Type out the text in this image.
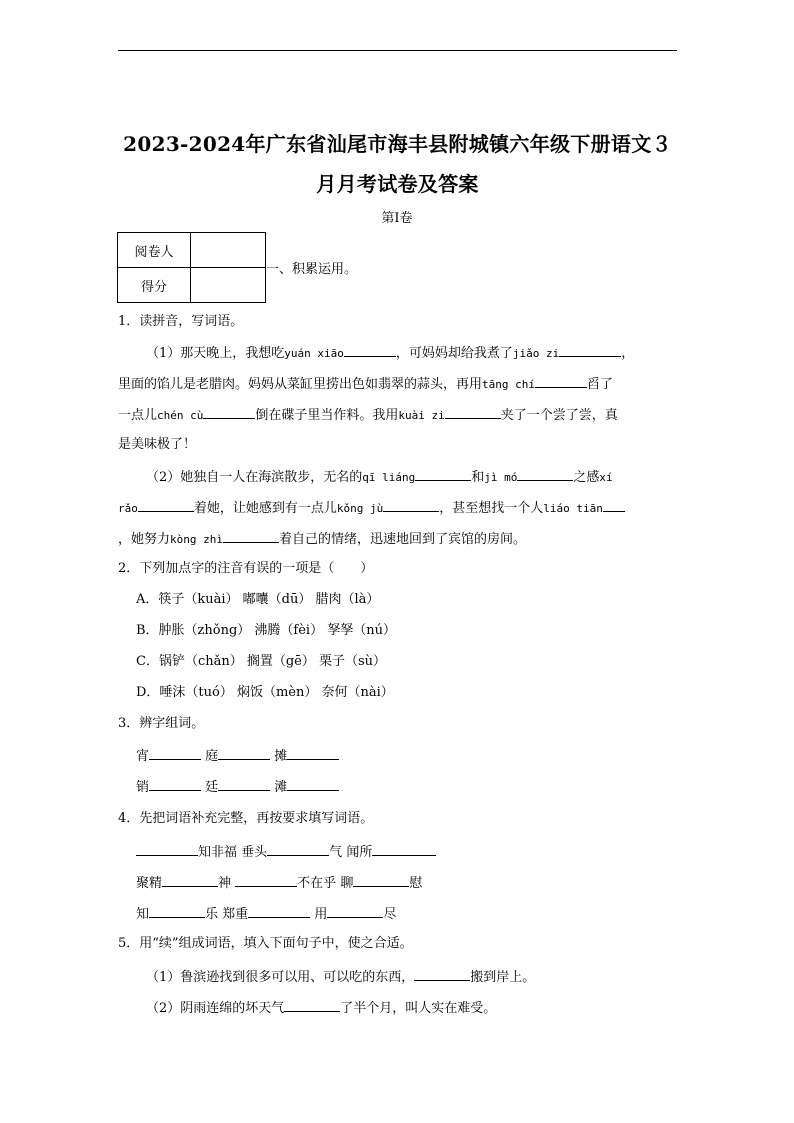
2023-2024年广东省汕尾市海丰县附城镇六年级下册语文３
月月考试卷及答案
第Ⅰ卷
阅卷人	
得分	
一、积累运用。
1．读拼音，写词语。
（1）那天晚上，我想吃yuán xiāo	，可妈妈却给我煮了jiǎo zi	，
里面的馅儿是老腊肉。妈妈从菜缸里捞出色如翡翠的蒜头，再用tāng chí	舀了
一点儿chén cù	倒在碟子里当作料。我用kuài zi	夹了一个尝了尝，真
是美味极了！
（2）她独自一人在海滨散步，无名的qī liáng	和jì mó	之感xí
rǎo	着她，让她感到有一点儿kǒng jù	，甚至想找一个人liáo tiān
，她努力kòng zhì	着自己的情绪，迅速地回到了宾馆的房间。
2．下列加点字的注音有误的一项是（　　）
A．筷子（kuài） 嘟囔（dū） 腊肉（là）
B．肿胀（zhǒng） 沸腾（fèi） 孥孥（nú）
C．锅铲（chǎn） 搁置（gē） 栗子（sù）
D．唾沫（tuó） 焖饭（mèn） 奈何（nài）
3．辨字组词。
宵	庭	摊
销	廷	滩
4．先把词语补充完整，再按要求填写词语。
知非福 垂头	气 闻所
聚精	神	不在乎 聊	慰
知	乐 郑重	用	尽
5．用“续”组成词语，填入下面句子中，使之合适。
（1）鲁滨逊找到很多可以用、可以吃的东西，	搬到岸上。
（2）阴雨连绵的坏天气	了半个月，叫人实在难受。
